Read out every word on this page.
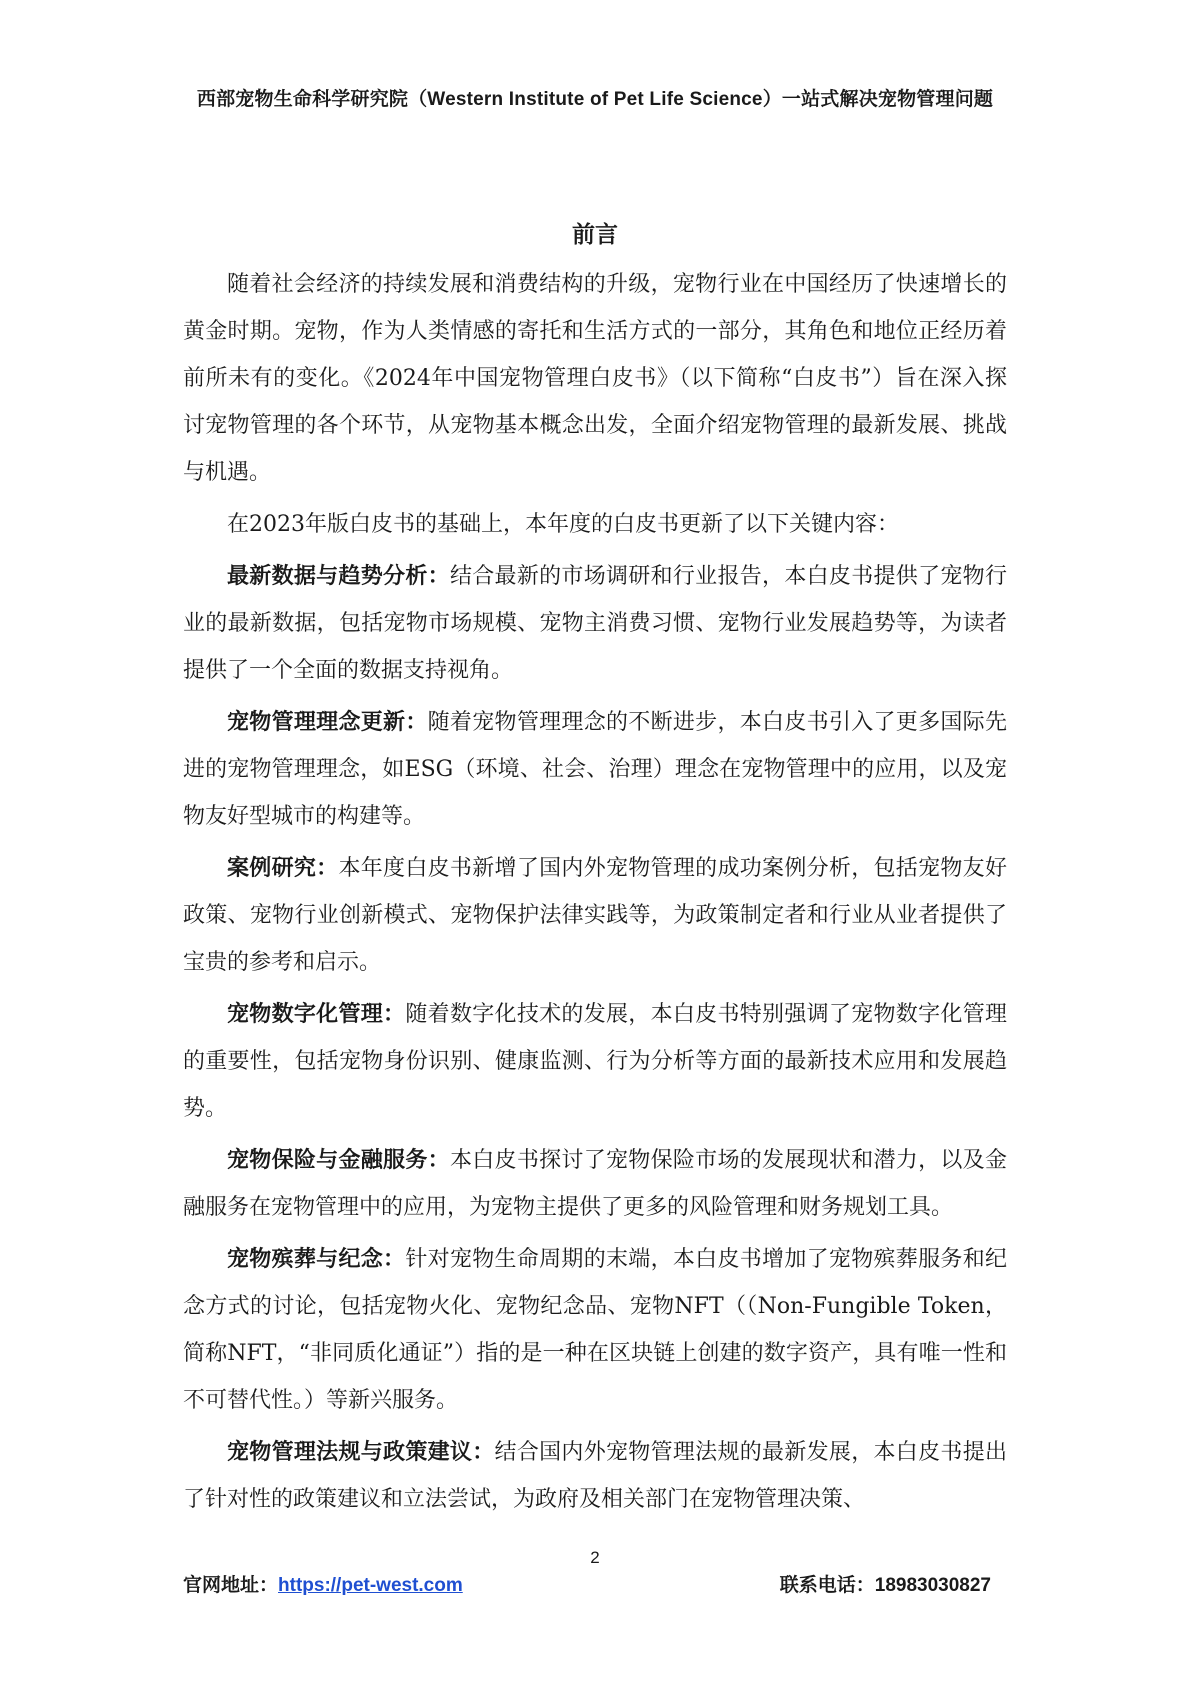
西部宠物生命科学研究院（Western Institute of Pet Life Science）一站式解决宠物管理问题
前言

随着社会经济的持续发展和消费结构的升级，宠物行业在中国经历了快速增长的黄金时期。宠物，作为人类情感的寄托和生活方式的一部分，其角色和地位正经历着前所未有的变化。《2024年中国宠物管理白皮书》（以下简称“白皮书”）旨在深入探讨宠物管理的各个环节，从宠物基本概念出发，全面介绍宠物管理的最新发展、挑战与机遇。

在2023年版白皮书的基础上，本年度的白皮书更新了以下关键内容：

最新数据与趋势分析：结合最新的市场调研和行业报告，本白皮书提供了宠物行业的最新数据，包括宠物市场规模、宠物主消费习惯、宠物行业发展趋势等，为读者提供了一个全面的数据支持视角。

宠物管理理念更新：随着宠物管理理念的不断进步，本白皮书引入了更多国际先进的宠物管理理念，如ESG（环境、社会、治理）理念在宠物管理中的应用，以及宠物友好型城市的构建等。

案例研究：本年度白皮书新增了国内外宠物管理的成功案例分析，包括宠物友好政策、宠物行业创新模式、宠物保护法律实践等，为政策制定者和行业从业者提供了宝贵的参考和启示。

宠物数字化管理：随着数字化技术的发展，本白皮书特别强调了宠物数字化管理的重要性，包括宠物身份识别、健康监测、行为分析等方面的最新技术应用和发展趋势。

宠物保险与金融服务：本白皮书探讨了宠物保险市场的发展现状和潜力，以及金融服务在宠物管理中的应用，为宠物主提供了更多的风险管理和财务规划工具。

宠物殡葬与纪念：针对宠物生命周期的末端，本白皮书增加了宠物殡葬服务和纪念方式的讨论，包括宠物火化、宠物纪念品、宠物NFT（（Non-Fungible Token，简称NFT，“非同质化通证”）指的是一种在区块链上创建的数字资产，具有唯一性和不可替代性。）等新兴服务。

宠物管理法规与政策建议：结合国内外宠物管理法规的最新发展，本白皮书提出了针对性的政策建议和立法尝试，为政府及相关部门在宠物管理决策、

2
官网地址：https://pet-west.com	联系电话：18983030827
